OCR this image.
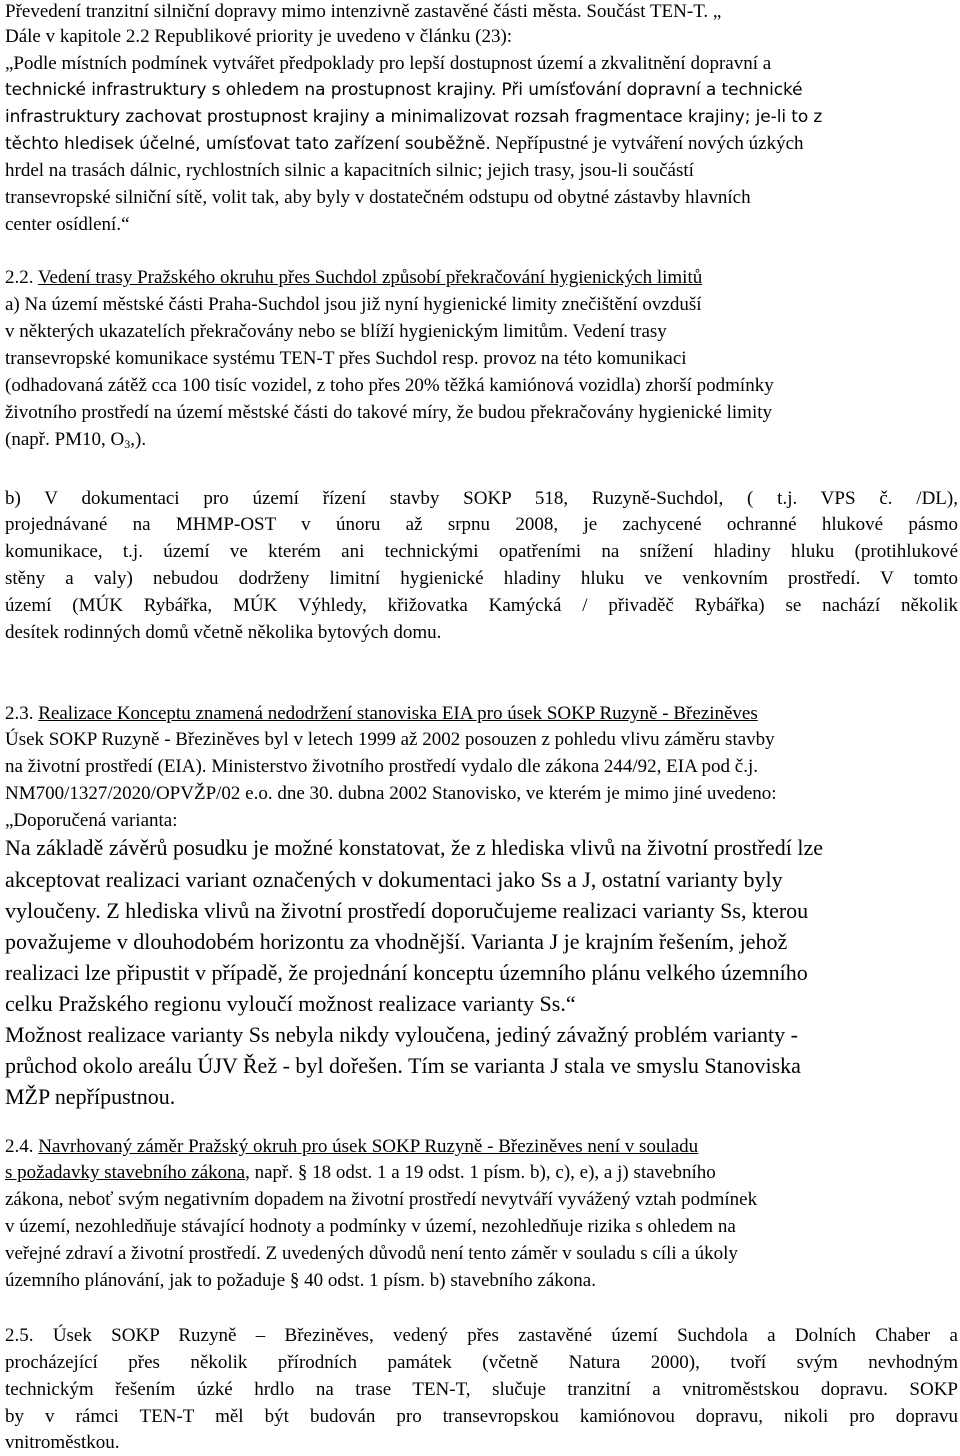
Převedení tranzitní silniční dopravy mimo intenzivně zastavěné části města. Součást TEN-T. „
Dále v kapitole 2.2 Republikové priority je uvedeno v článku (23):
„Podle místních podmínek vytvářet předpoklady pro lepší dostupnost území a zkvalitnění dopravní a
technické infrastruktury s ohledem na prostupnost krajiny. Při umísťování dopravní a technické
infrastruktury zachovat prostupnost krajiny a minimalizovat rozsah fragmentace krajiny; je-li to z
těchto hledisek účelné, umísťovat tato zařízení souběžně. Nepřípustné je vytváření nových úzkých
hrdel na trasách dálnic, rychlostních silnic a kapacitních silnic; jejich trasy, jsou-li součástí
transevropské silniční sítě, volit tak, aby byly v dostatečném odstupu od obytné zástavby hlavních
center osídlení.“
2.2. Vedení trasy Pražského okruhu přes Suchdol způsobí překračování hygienických limitů
a) Na území městské části Praha-Suchdol jsou již nyní hygienické limity znečištění ovzduší
v některých ukazatelích překračovány nebo se blíží hygienickým limitům. Vedení trasy
transevropské komunikace systému TEN-T přes Suchdol resp. provoz na této komunikaci
(odhadovaná zátěž cca 100 tisíc vozidel, z toho přes 20% těžká kamiónová vozidla) zhorší podmínky
životního prostředí na území městské části do takové míry, že budou překračovány hygienické limity
(např. PM10, $O_3$,).
b) V dokumentaci pro území řízení stavby SOKP 518, Ruzyně-Suchdol, ( t.j. VPS č. /DL),
projednávané na MHMP-OST v únoru až srpnu 2008, je zachycené ochranné hlukové pásmo
komunikace, t.j. území ve kterém ani technickými opatřeními na snížení hladiny hluku (protihlukové
stěny a valy) nebudou dodrženy limitní hygienické hladiny hluku ve venkovním prostředí. V tomto
území (MÚK Rybářka, MÚK Výhledy, křižovatka Kamýcká / přivaděč Rybářka) se nachází několik
desítek rodinných domů včetně několika bytových domu.
2.3. Realizace Konceptu znamená nedodržení stanoviska EIA pro úsek SOKP Ruzyně - Březiněves
Úsek SOKP Ruzyně - Březiněves byl v letech 1999 až 2002 posouzen z pohledu vlivu záměru stavby
na životní prostředí (EIA). Ministerstvo životního prostředí vydalo dle zákona 244/92, EIA pod č.j.
NM700/1327/2020/OPVŽP/02 e.o. dne 30. dubna 2002 Stanovisko, ve kterém je mimo jiné uvedeno:
„Doporučená varianta:
Na základě závěrů posudku je možné konstatovat, že z hlediska vlivů na životní prostředí lze
akceptovat realizaci variant označených v dokumentaci jako Ss a J, ostatní varianty byly
vyloučeny. Z hlediska vlivů na životní prostředí doporučujeme realizaci varianty Ss, kterou
považujeme v dlouhodobém horizontu za vhodnější. Varianta J je krajním řešením, jehož
realizaci lze připustit v případě, že projednání konceptu územního plánu velkého územního
celku Pražského regionu vyloučí možnost realizace varianty Ss.“
Možnost realizace varianty Ss nebyla nikdy vyloučena, jediný závažný problém varianty -
průchod okolo areálu ÚJV Řež - byl dořešen. Tím se varianta J stala ve smyslu Stanoviska
MŽP nepřípustnou.
2.4. Navrhovaný záměr Pražský okruh pro úsek SOKP Ruzyně - Březiněves není v souladu
s požadavky stavebního zákona, např. § 18 odst. 1 a 19 odst. 1 písm. b), c), e), a j) stavebního
zákona, neboť svým negativním dopadem na životní prostředí nevytváří vyvážený vztah podmínek
v území, nezohledňuje stávající hodnoty a podmínky v území, nezohledňuje rizika s ohledem na
veřejné zdraví a životní prostředí. Z uvedených důvodů není tento záměr v souladu s cíli a úkoly
územního plánování, jak to požaduje § 40 odst. 1 písm. b) stavebního zákona.
2.5. Úsek SOKP Ruzyně – Březiněves, vedený přes zastavěné území Suchdola a Dolních Chaber a
procházející přes několik přírodních památek (včetně Natura 2000), tvoří svým nevhodným
technickým řešením úzké hrdlo na trase TEN-T, slučuje tranzitní a vnitroměstskou dopravu. SOKP
by v rámci TEN-T měl být budován pro transevropskou kamiónovou dopravu, nikoli pro dopravu
vnitroměstkou.
